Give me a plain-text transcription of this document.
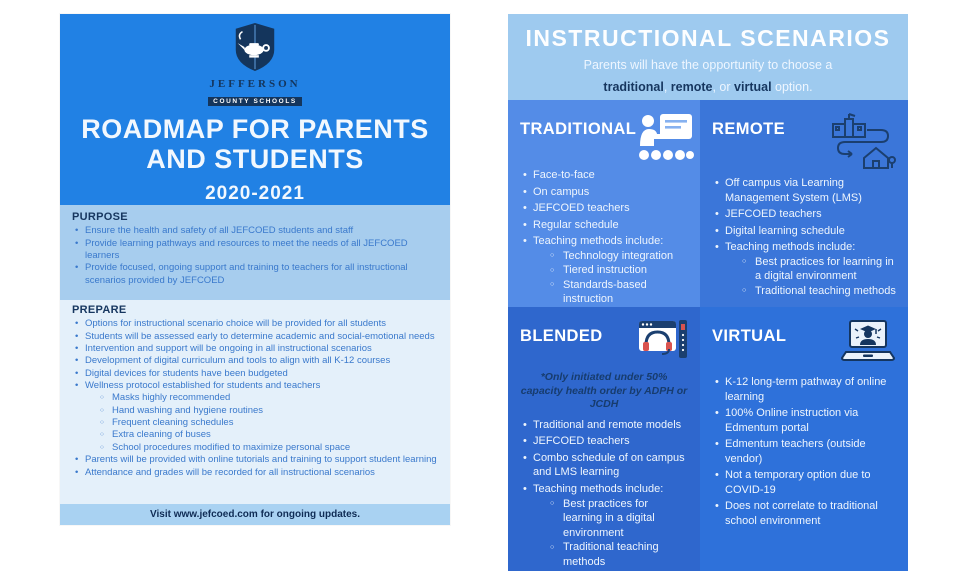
JEFFERSON
COUNTY SCHOOLS
ROADMAP FOR PARENTS AND STUDENTS
2020-2021
PURPOSE
• Ensure the health and safety of all JEFCOED students and staff
• Provide learning pathways and resources to meet the needs of all JEFCOED learners
• Provide focused, ongoing support and training to teachers for all instructional scenarios provided by JEFCOED
PREPARE
• Options for instructional scenario choice will be provided for all students
• Students will be assessed early to determine academic and social-emotional needs
• Intervention and support will be ongoing in all instructional scenarios
• Development of digital curriculum and tools to align with all K-12 courses
• Digital devices for students have been budgeted
• Wellness protocol established for students and teachers
○ Masks highly recommended
○ Hand washing and hygiene routines
○ Frequent cleaning schedules
○ Extra cleaning of buses
○ School procedures modified to maximize personal space
• Parents will be provided with online tutorials and training to support student learning
• Attendance and grades will be recorded for all instructional scenarios
Visit www.jefcoed.com for ongoing updates.
INSTRUCTIONAL SCENARIOS
Parents will have the opportunity to choose a
traditional, remote, or virtual option.
TRADITIONAL
• Face-to-face
• On campus
• JEFCOED teachers
• Regular schedule
• Teaching methods include:
○ Technology integration
○ Tiered instruction
○ Standards-based instruction
REMOTE
• Off campus via Learning Management System (LMS)
• JEFCOED teachers
• Digital learning schedule
• Teaching methods include:
○ Best practices for learning in a digital environment
○ Traditional teaching methods
BLENDED
*Only initiated under 50% capacity health order by ADPH or JCDH
• Traditional and remote models
• JEFCOED teachers
• Combo schedule of on campus and LMS learning
• Teaching methods include:
○ Best practices for learning in a digital environment
○ Traditional teaching methods
VIRTUAL
• K-12 long-term pathway of online learning
• 100% Online instruction via Edmentum portal
• Edmentum teachers (outside vendor)
• Not a temporary option due to COVID-19
• Does not correlate to traditional school environment
